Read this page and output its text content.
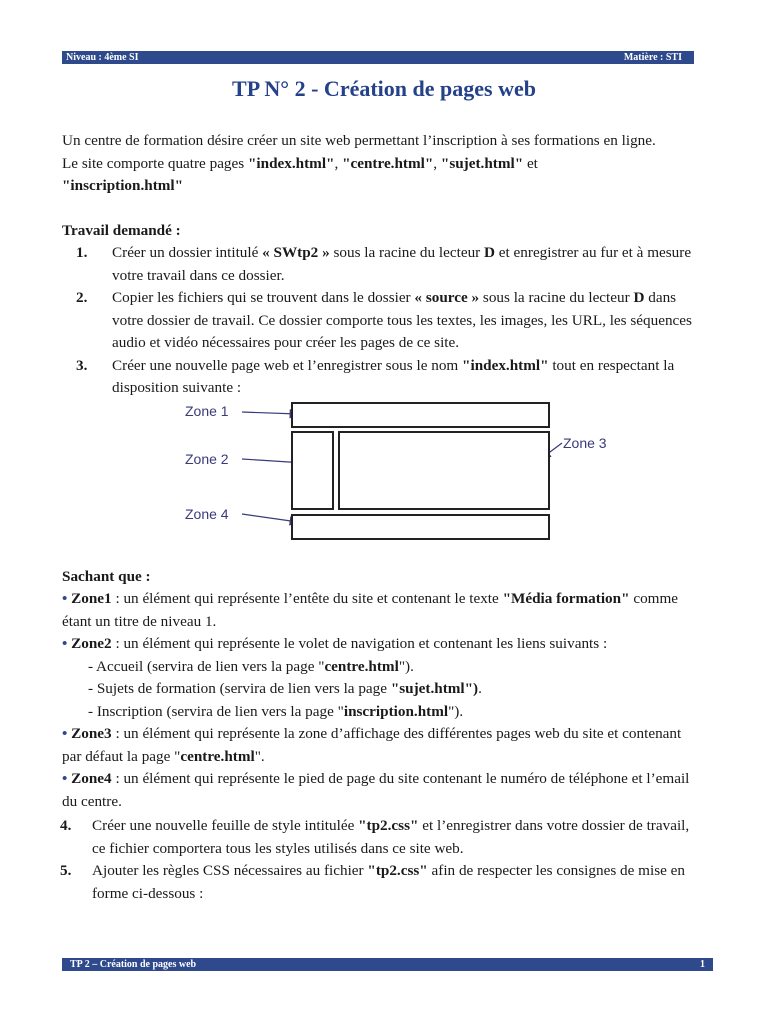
Niveau : 4ème SI	Matière : STI
TP N° 2 - Création de pages web

Un centre de formation désire créer un site web permettant l’inscription à ses formations en ligne.
Le site comporte quatre pages "index.html", "centre.html", "sujet.html" et
"inscription.html"

Travail demandé :

1. Créer un dossier intitulé « SWtp2 » sous la racine du lecteur D et enregistrer au fur et à mesure votre travail dans ce dossier.
2. Copier les fichiers qui se trouvent dans le dossier « source » sous la racine du lecteur D dans votre dossier de travail. Ce dossier comporte tous les textes, les images, les URL, les séquences audio et vidéo nécessaires pour créer les pages de ce site.
3. Créer une nouvelle page web et l’enregistrer sous le nom "index.html" tout en respectant la disposition suivante :
Zone 1
Zone 2
Zone 3
Zone 4

Sachant que :

• Zone1 : un élément qui représente l’entête du site et contenant le texte "Média formation" comme étant un titre de niveau 1.

• Zone2 : un élément qui représente le volet de navigation et contenant les liens suivants :

- Accueil (servira de lien vers la page "centre.html").

- Sujets de formation (servira de lien vers la page "sujet.html").

- Inscription (servira de lien vers la page "inscription.html").

• Zone3 : un élément qui représente la zone d’affichage des différentes pages web du site et contenant par défaut la page "centre.html".

• Zone4 : un élément qui représente le pied de page du site contenant le numéro de téléphone et l’email du centre.

4. Créer une nouvelle feuille de style intitulée "tp2.css" et l’enregistrer dans votre dossier de travail, ce fichier comportera tous les styles utilisés dans ce site web.
5. Ajouter les règles CSS nécessaires au fichier "tp2.css" afin de respecter les consignes de mise en forme ci-dessous :
TP 2 – Création de pages web	1
